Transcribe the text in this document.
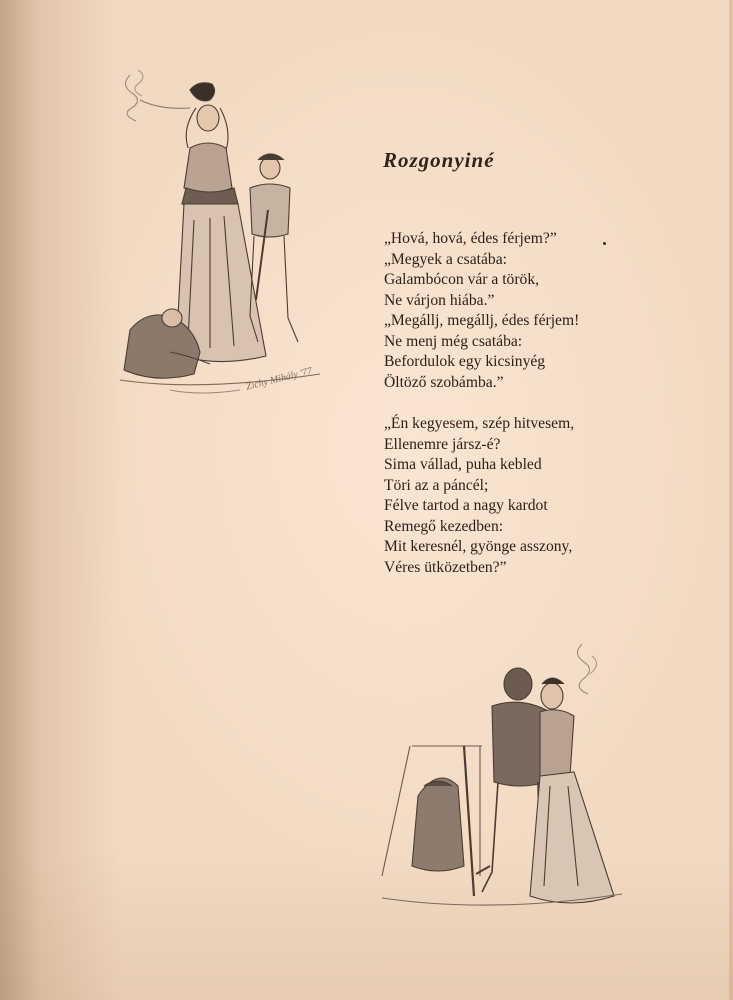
Zichy Mihály '77
Rozgonyiné
„Hová, hová, édes férjem?”
„Megyek a csatába:
Galambócon vár a török,
Ne várjon hiába.”
„Megállj, megállj, édes férjem!
Ne menj még csatába:
Befordulok egy kicsinyég
Öltöző szobámba.”
„Én kegyesem, szép hitvesem,
Ellenemre jársz-é?
Sima vállad, puha kebled
Töri az a páncél;
Félve tartod a nagy kardot
Remegő kezedben:
Mit keresnél, gyönge asszony,
Véres ütközetben?”
